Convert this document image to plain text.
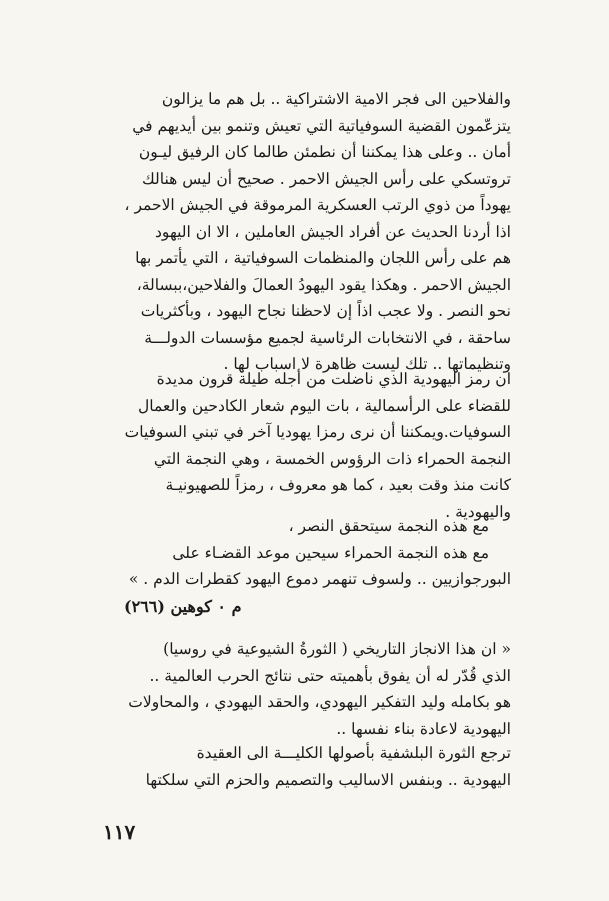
والفلاحين الى فجر الامية الاشتراكية .. بل هم ما يزالون
يتزعّمون القضية السوفياتية التي تعيش وتنمو بين أيديهم في
أمان .. وعلى هذا يمكننا أن نطمئن طالما كان الرفيق ليـون
تروتسكي على رأس الجيش الاحمر . صحيح أن ليس هنالك
يهوداً من ذوي الرتب العسكرية المرموقة في الجيش الاحمر ،
اذا أردنا الحديث عن أفراد الجيش العاملين ، الا ان اليهود
هم على رأس اللجان والمنظمات السوفياتية ، التي يأتمر بها
الجيش الاحمر . وهكذا يقود اليهودُ العمالَ والفلاحين،ببسالة،
نحو النصر . ولا عجب اذاً إن لاحظنا نجاح اليهود ، وبأكثريات
ساحقة ، في الانتخابات الرئاسية لجميع مؤسسات الدولـــة
وتنظيماتها .. تلك ليست ظاهرة لا اسباب لها .
ان رمز اليهودية الذي ناضلت من أجله طيلة قرون مديدة
للقضاء على الرأسمالية ، بات اليوم شعار الكادحين والعمال
السوفيات.ويمكننا أن نرى رمزا يهوديا آخر في تبني السوفيات
النجمة الحمراء ذات الرؤوس الخمسة ، وهي النجمة التي
كانت منذ وقت بعيد ، كما هو معروف ، رمزاً للصهيونيـة
واليهودية .
مع هذه النجمة سيتحقق النصر ،
مع هذه النجمة الحمراء سيحين موعد القضـاء على
البورجوازيين .. ولسوف تنهمر دموع اليهود كقطرات الدم . »
م ٠ كوهين (٢٦٦)
« ان هذا الانجاز التاريخي ( الثورةُ الشيوعية في روسيا)
الذي قُدّر له أن يفوق بأهميته حتى نتائج الحرب العالمية ..
هو بكامله وليد التفكير اليهودي، والحقد اليهودي ، والمحاولات
اليهودية لاعادة بناء نفسها ..
ترجع الثورة البلشفية بأصولها الكليـــة الى العقيدة
اليهودية .. وبنفس الاساليب والتصميم والحزم التي سلكتها
١١٧
